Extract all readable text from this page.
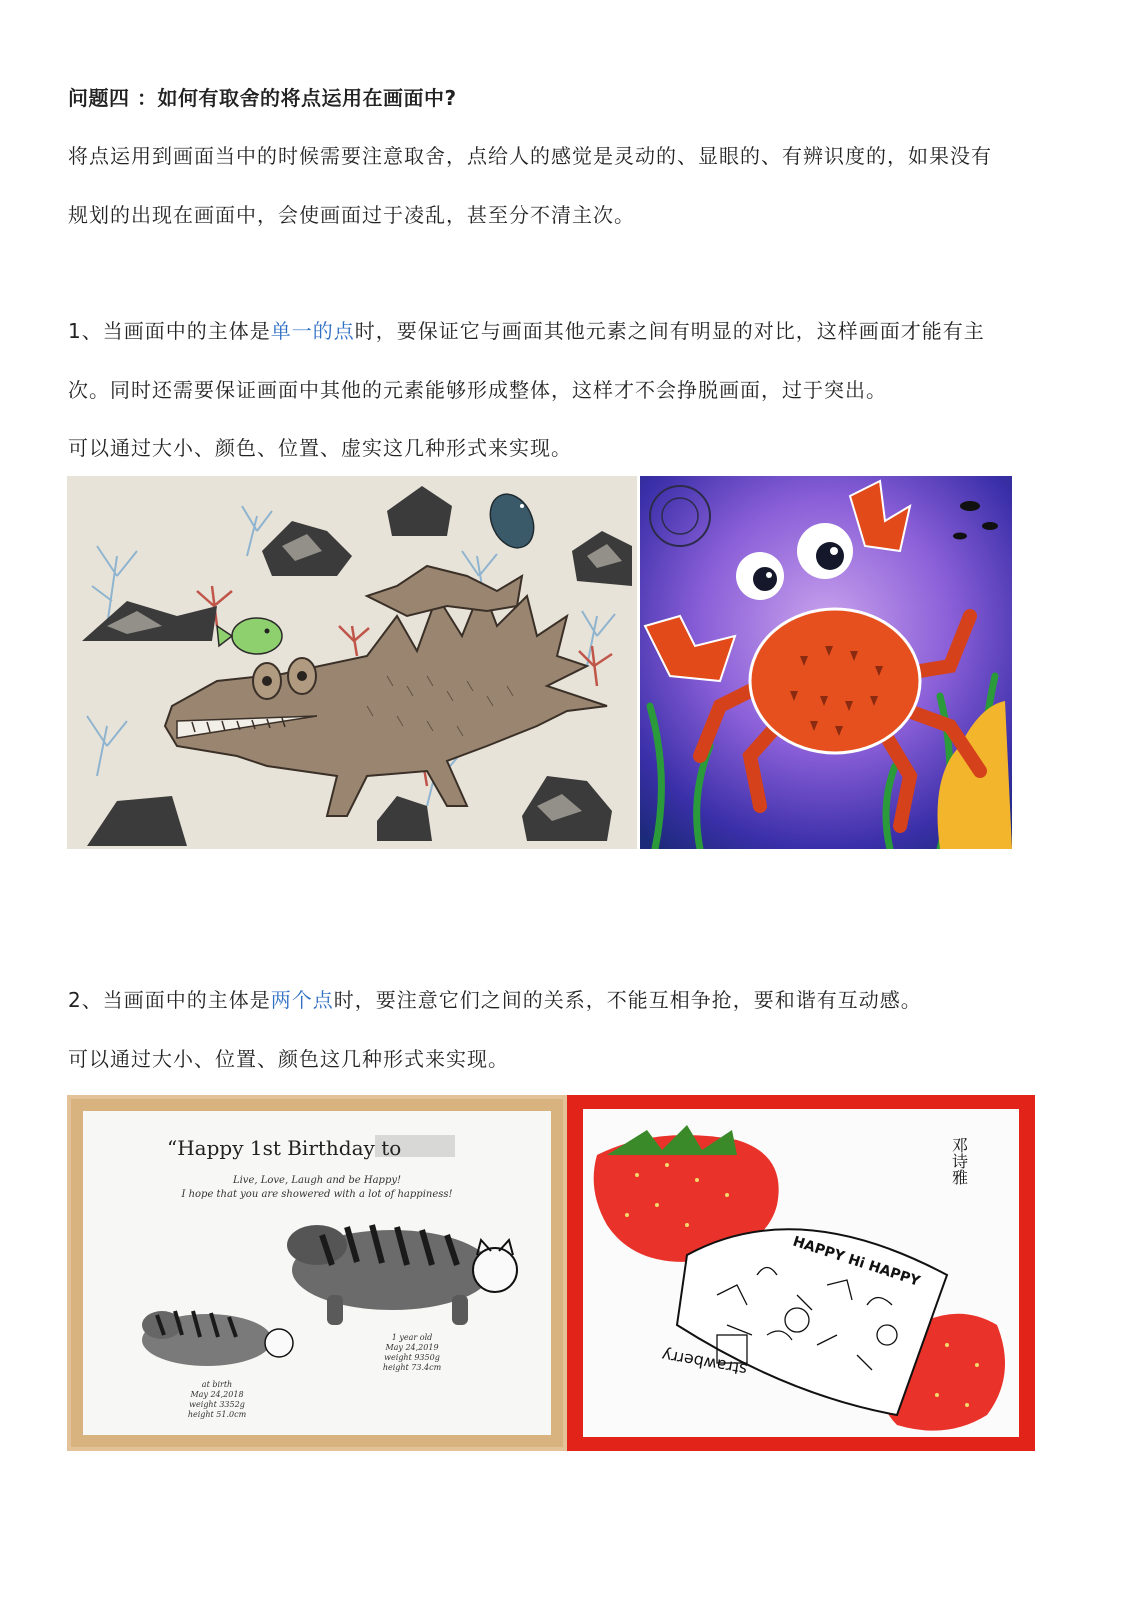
问题四 ：如何有取舍的将点运用在画面中?
将点运用到画面当中的时候需要注意取舍，点给人的感觉是灵动的、显眼的、有辨识度的，如果没有
规划的出现在画面中，会使画面过于凌乱，甚至分不清主次。
1、当画面中的主体是单一的点时，要保证它与画面其他元素之间有明显的对比，这样画面才能有主
次。同时还需要保证画面中其他的元素能够形成整体，这样才不会挣脱画面，过于突出。
可以通过大小、颜色、位置、虚实这几种形式来实现。
2、当画面中的主体是两个点时，要注意它们之间的关系，不能互相争抢，要和谐有互动感。
可以通过大小、位置、颜色这几种形式来实现。
“Happy 1st Birthday to
Live, Love, Laugh and be Happy!
I hope that you are showered with a lot of happiness!
at birth
May 24,2018
weight 3352g
height 51.0cm
1 year old
May 24,2019
weight 9350g
height 73.4cm
HAPPY Hi HAPPY
strawberry
邓诗雅
